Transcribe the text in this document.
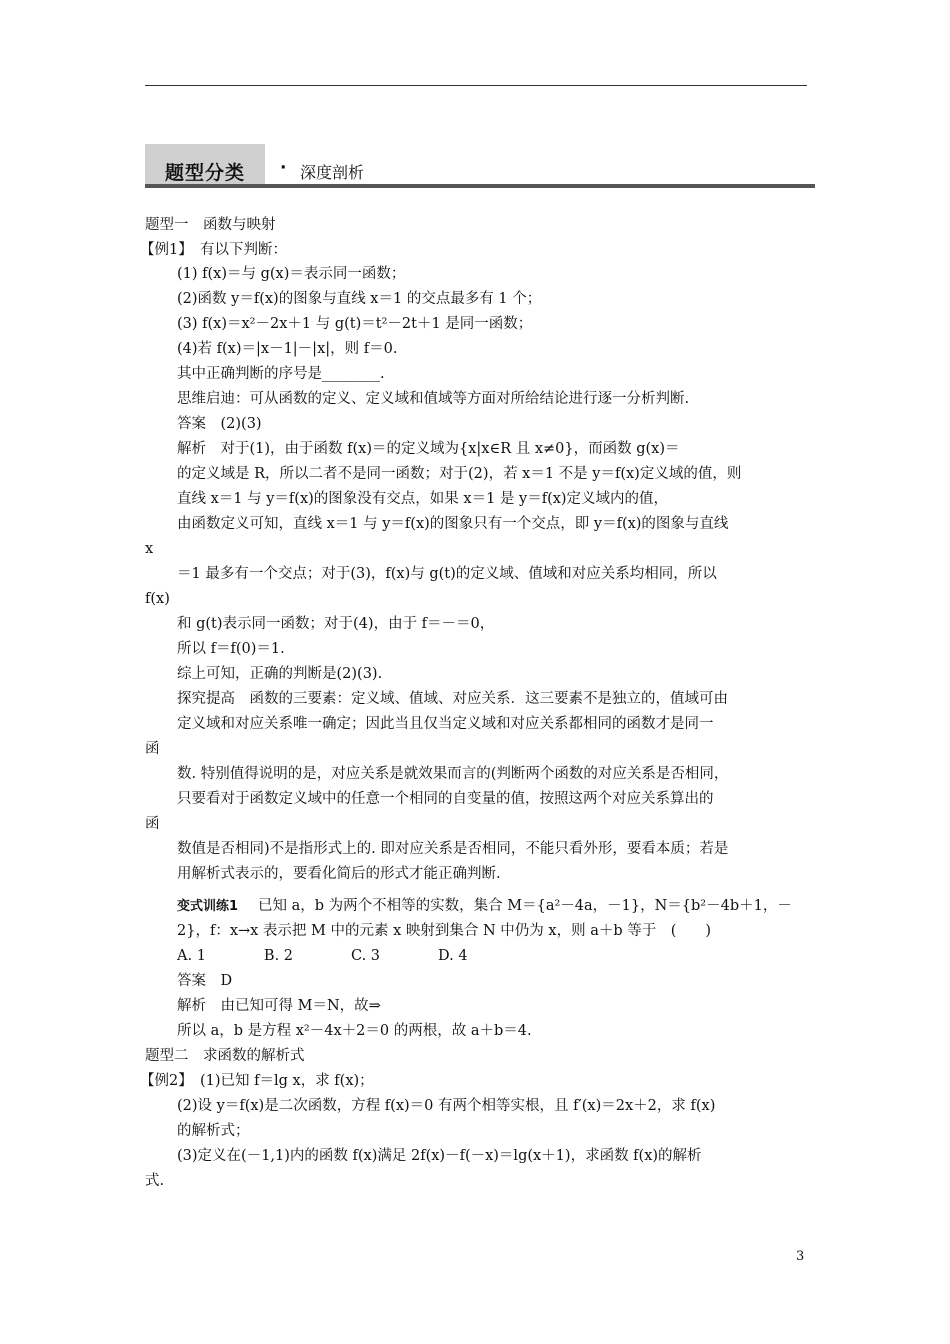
题型分类 · 深度剖析
题型一　函数与映射
【例1】　有以下判断：
(1) f(x)＝与 g(x)＝表示同一函数；
(2)函数 y＝f(x)的图象与直线 x＝1 的交点最多有 1 个；
(3) f(x)＝x²－2x＋1 与 g(t)＝t²－2t＋1 是同一函数；
(4)若 f(x)＝|x－1|－|x|，则 f＝0.
其中正确判断的序号是________.
思维启迪：可从函数的定义、定义域和值域等方面对所给结论进行逐一分析判断.
答案　(2)(3)
解析　对于(1)，由于函数 f(x)＝的定义域为{x|x∈R 且 x≠0}，而函数 g(x)＝
的定义域是 R，所以二者不是同一函数；对于(2)，若 x＝1 不是 y＝f(x)定义域的值，则
直线 x＝1 与 y＝f(x)的图象没有交点，如果 x＝1 是 y＝f(x)定义域内的值，
由函数定义可知，直线 x＝1 与 y＝f(x)的图象只有一个交点，即 y＝f(x)的图象与直线
x
＝1 最多有一个交点；对于(3)，f(x)与 g(t)的定义域、值域和对应关系均相同，所以
f(x)
和 g(t)表示同一函数；对于(4)，由于 f＝－＝0，
所以 f＝f(0)＝1.
综上可知，正确的判断是(2)(3).
探究提高　函数的三要素：定义域、值域、对应关系．这三要素不是独立的，值域可由
定义域和对应关系唯一确定；因此当且仅当定义域和对应关系都相同的函数才是同一
函
数. 特别值得说明的是，对应关系是就效果而言的(判断两个函数的对应关系是否相同，
只要看对于函数定义域中的任意一个相同的自变量的值，按照这两个对应关系算出的
函
数值是否相同)不是指形式上的. 即对应关系是否相同，不能只看外形，要看本质；若是
用解析式表示的，要看化简后的形式才能正确判断.
变式训练1 已知 a，b 为两个不相等的实数，集合 M＝{a²－4a，－1}，N＝{b²－4b＋1，－
2}，f：x→x 表示把 M 中的元素 x 映射到集合 N 中仍为 x，则 a＋b 等于　(　　)
A. 1　　　　B. 2　　　　C. 3　　　　D. 4
答案　D
解析　由已知可得 M＝N，故⇒
所以 a，b 是方程 x²－4x＋2＝0 的两根，故 a＋b＝4.
题型二　求函数的解析式
【例2】　(1)已知 f＝lg x，求 f(x)；
(2)设 y＝f(x)是二次函数，方程 f(x)＝0 有两个相等实根，且 f′(x)＝2x＋2，求 f(x)
的解析式；
(3)定义在(－1,1)内的函数 f(x)满足 2f(x)－f(－x)＝lg(x＋1)，求函数 f(x)的解析
式.
3
